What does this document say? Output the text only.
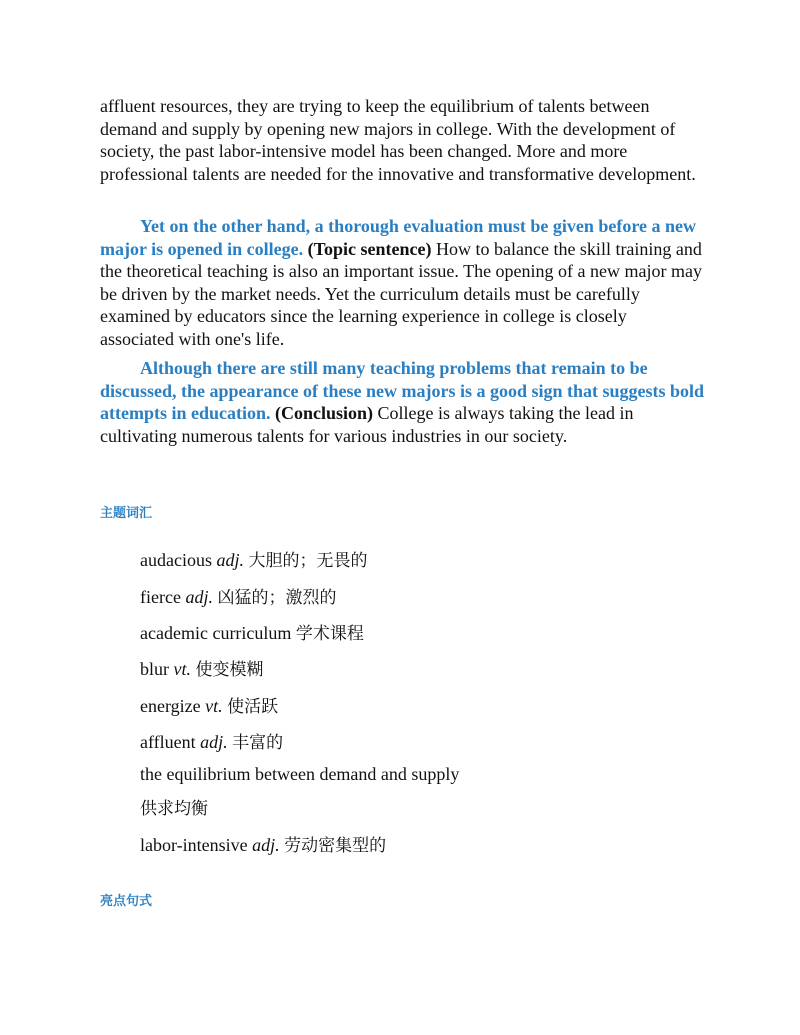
affluent resources, they are trying to keep the equilibrium of talents between demand and supply by opening new majors in college. With the development of society, the past labor-intensive model has been changed. More and more professional talents are needed for the innovative and transformative development.

Yet on the other hand, a thorough evaluation must be given before a new major is opened in college. (Topic sentence) How to balance the skill training and the theoretical teaching is also an important issue. The opening of a new major may be driven by the market needs. Yet the curriculum details must be carefully examined by educators since the learning experience in college is closely associated with one's life.

Although there are still many teaching problems that remain to be discussed, the appearance of these new majors is a good sign that suggests bold attempts in education. (Conclusion) College is always taking the lead in cultivating numerous talents for various industries in our society.

主题词汇

audacious adj. 大胆的；无畏的

fierce adj. 凶猛的；激烈的

academic curriculum 学术课程

blur vt. 使变模糊

energize vt. 使活跃

affluent adj. 丰富的

the equilibrium between demand and supply

供求均衡

labor-intensive adj. 劳动密集型的

亮点句式
